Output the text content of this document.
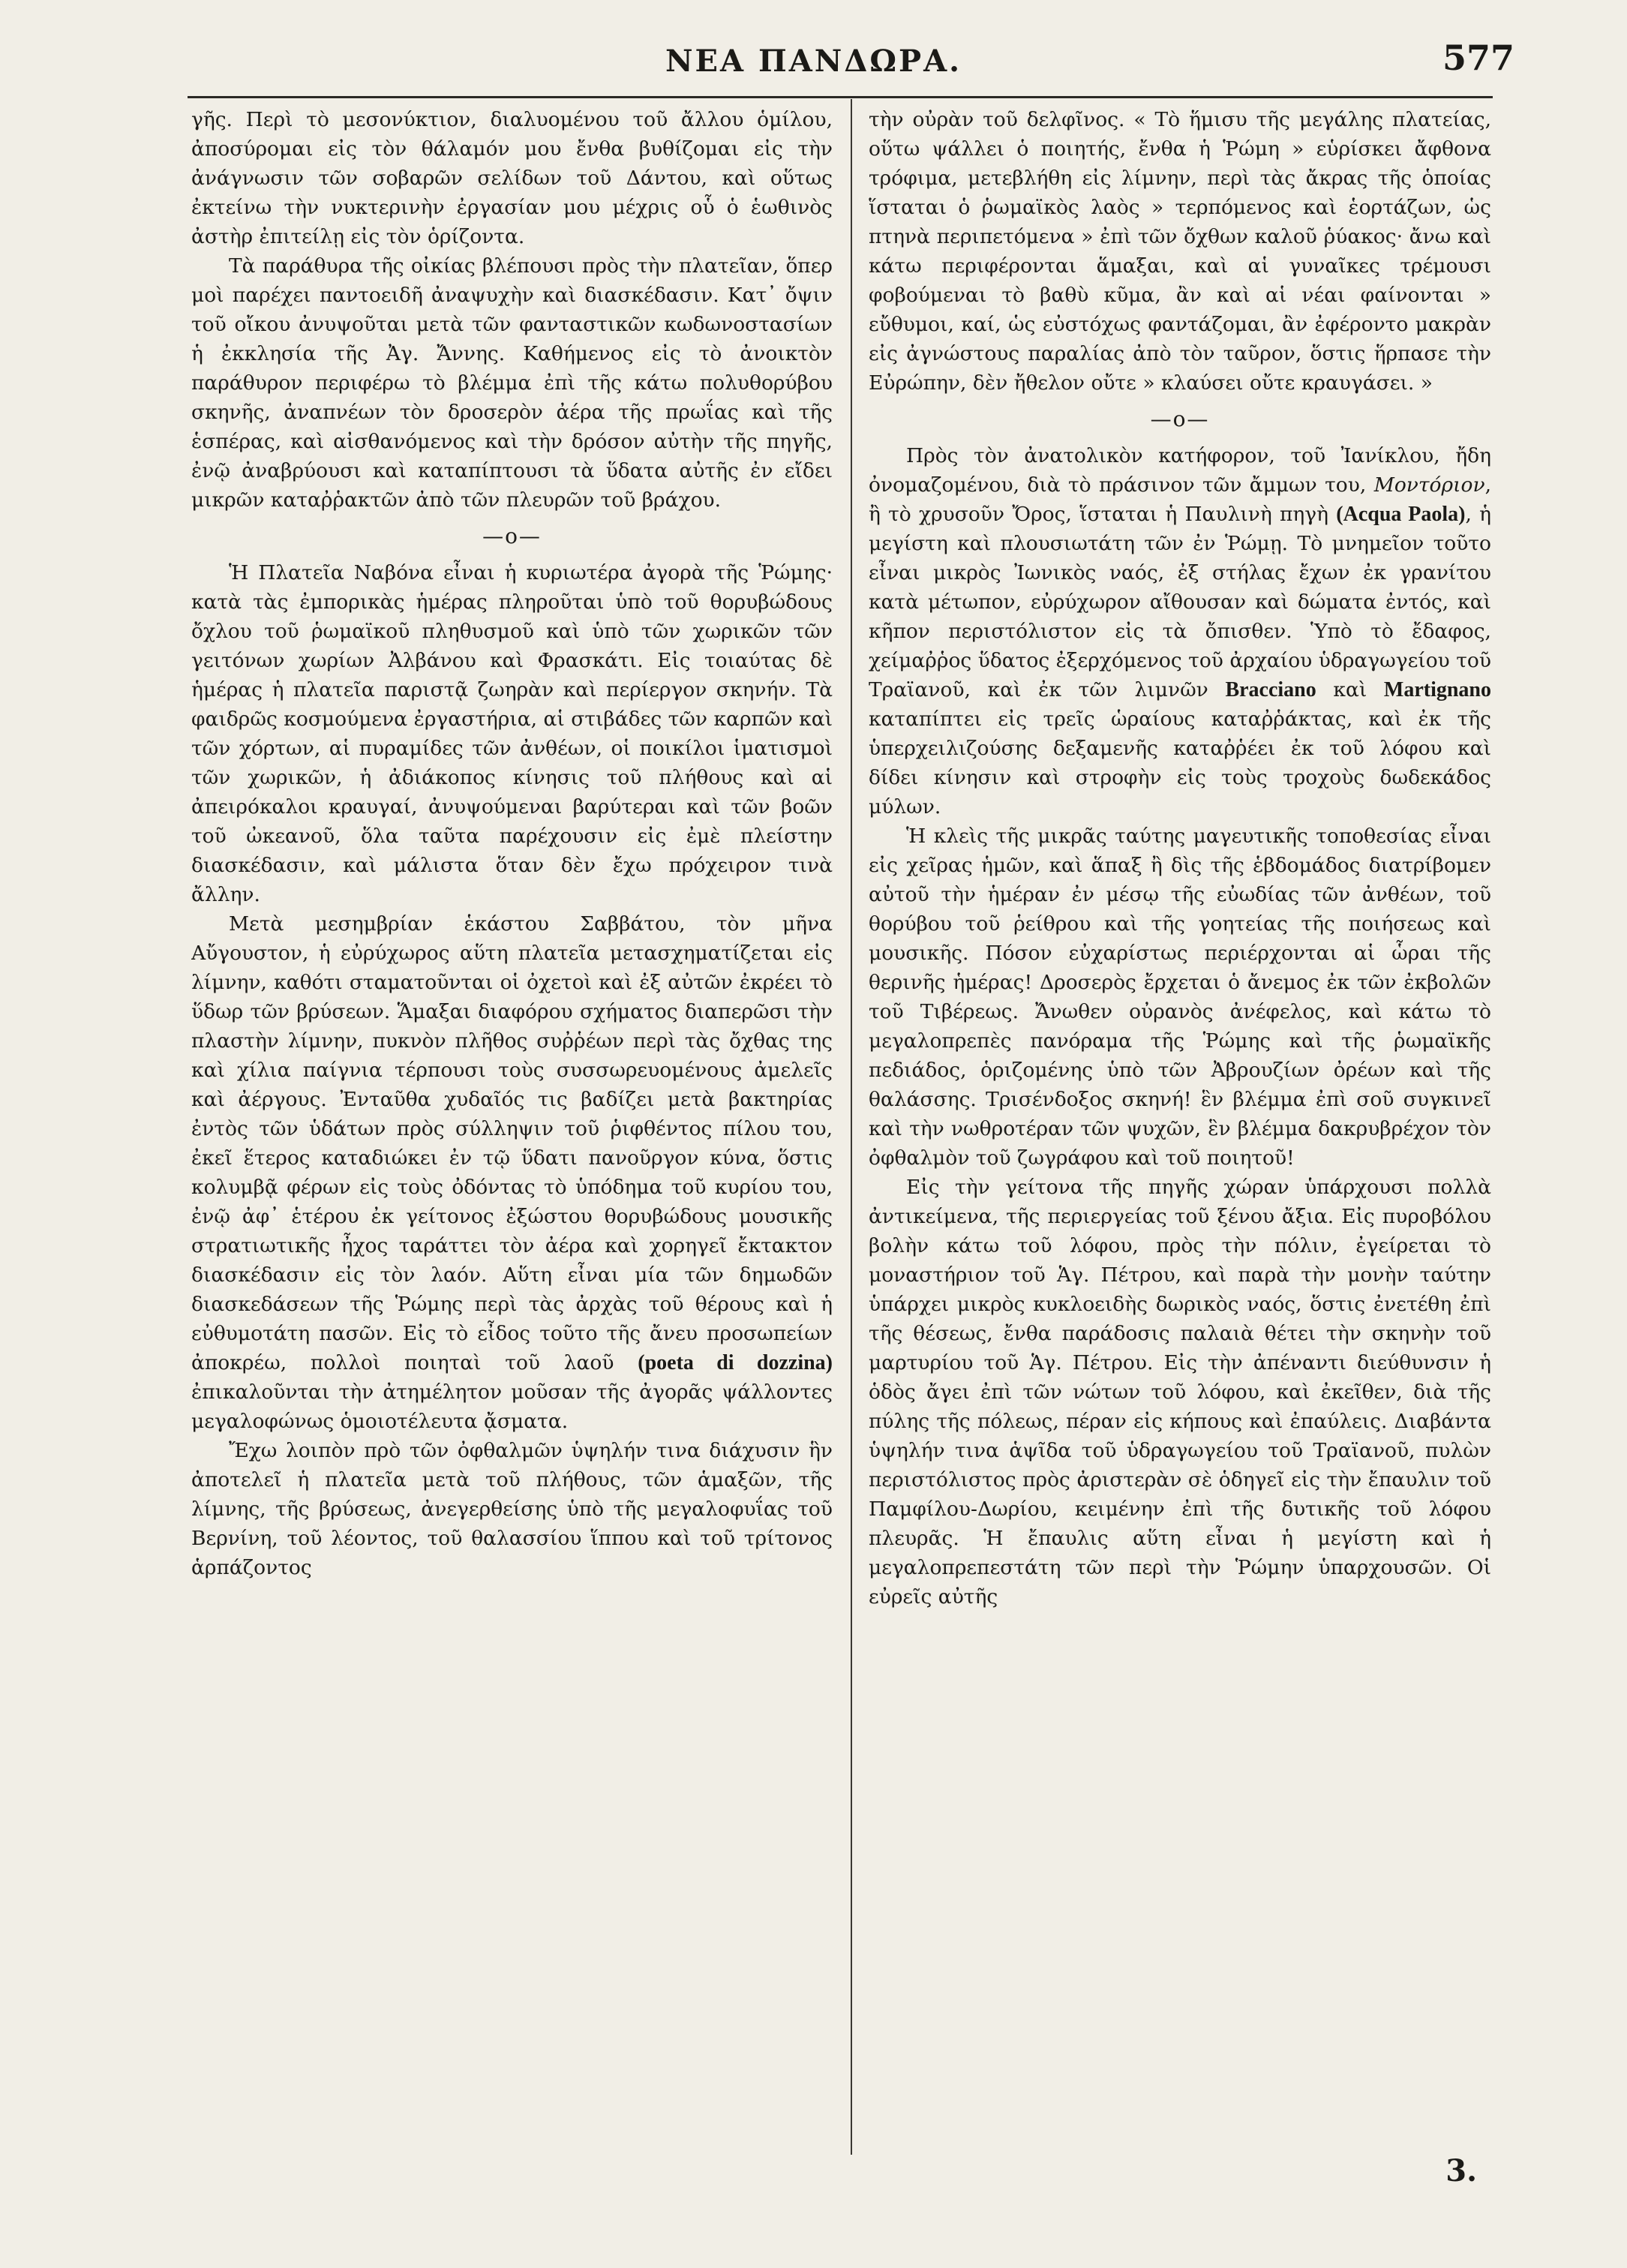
ΝΕΑ ΠΑΝΔΩΡΑ.	577

γῆς. Περὶ τὸ μεσονύκτιον, διαλυομένου τοῦ ἄλλου ὁμίλου, ἀποσύρομαι εἰς τὸν θάλαμόν μου ἔνθα βυθίζομαι εἰς τὴν ἀνάγνωσιν τῶν σοβαρῶν σελίδων τοῦ Δάντου, καὶ οὕτως ἐκτείνω τὴν νυκτερινὴν ἐργασίαν μου μέχρις οὗ ὁ ἑωθινὸς ἀστὴρ ἐπιτείλῃ εἰς τὸν ὁρίζοντα.

Τὰ παράθυρα τῆς οἰκίας βλέπουσι πρὸς τὴν πλατεῖαν, ὅπερ μοὶ παρέχει παντοειδῆ ἀναψυχὴν καὶ διασκέδασιν. Κατ᾽ ὄψιν τοῦ οἴκου ἀνυψοῦται μετὰ τῶν φανταστικῶν κωδωνοστασίων ἡ ἐκκλησία τῆς Ἀγ. Ἄννης. Καθήμενος εἰς τὸ ἀνοικτὸν παράθυρον περιφέρω τὸ βλέμμα ἐπὶ τῆς κάτω πολυθορύβου σκηνῆς, ἀναπνέων τὸν δροσερὸν ἀέρα τῆς πρωΐας καὶ τῆς ἑσπέρας, καὶ αἰσθανόμενος καὶ τὴν δρόσον αὐτὴν τῆς πηγῆς, ἐνῷ ἀναβρύουσι καὶ καταπίπτουσι τὰ ὕδατα αὐτῆς ἐν εἴδει μικρῶν καταῤῥακτῶν ἀπὸ τῶν πλευρῶν τοῦ βράχου.

—ο—

Ἡ Πλατεῖα Ναβόνα εἶναι ἡ κυριωτέρα ἀγορὰ τῆς Ῥώμης· κατὰ τὰς ἐμπορικὰς ἡμέρας πληροῦται ὑπὸ τοῦ θορυβώδους ὄχλου τοῦ ῥωμαϊκοῦ πληθυσμοῦ καὶ ὑπὸ τῶν χωρικῶν τῶν γειτόνων χωρίων Ἀλβάνου καὶ Φρασκάτι. Εἰς τοιαύτας δὲ ἡμέρας ἡ πλατεῖα παριστᾷ ζωηρὰν καὶ περίεργον σκηνήν. Τὰ φαιδρῶς κοσμούμενα ἐργαστήρια, αἱ στιβάδες τῶν καρπῶν καὶ τῶν χόρτων, αἱ πυραμίδες τῶν ἀνθέων, οἱ ποικίλοι ἱματισμοὶ τῶν χωρικῶν, ἡ ἀδιάκοπος κίνησις τοῦ πλήθους καὶ αἱ ἀπειρόκαλοι κραυγαί, ἀνυψούμεναι βαρύτεραι καὶ τῶν βοῶν τοῦ ὠκεανοῦ, ὅλα ταῦτα παρέχουσιν εἰς ἐμὲ πλείστην διασκέδασιν, καὶ μάλιστα ὅταν δὲν ἔχω πρόχειρον τινὰ ἄλλην.

Μετὰ μεσημβρίαν ἑκάστου Σαββάτου, τὸν μῆνα Αὔγουστον, ἡ εὐρύχωρος αὕτη πλατεῖα μετασχηματίζεται εἰς λίμνην, καθότι σταματοῦνται οἱ ὀχετοὶ καὶ ἐξ αὐτῶν ἐκρέει τὸ ὕδωρ τῶν βρύσεων. Ἅμαξαι διαφόρου σχήματος διαπερῶσι τὴν πλαστὴν λίμνην, πυκνὸν πλῆθος συῤῥέων περὶ τὰς ὄχθας της καὶ χίλια παίγνια τέρπουσι τοὺς συσσωρευομένους ἀμελεῖς καὶ ἀέργους. Ἐνταῦθα χυδαῖός τις βαδίζει μετὰ βακτηρίας ἐντὸς τῶν ὑδάτων πρὸς σύλληψιν τοῦ ῥιφθέντος πίλου του, ἐκεῖ ἕτερος καταδιώκει ἐν τῷ ὕδατι πανοῦργον κύνα, ὅστις κολυμβᾷ φέρων εἰς τοὺς ὀδόντας τὸ ὑπόδημα τοῦ κυρίου του, ἐνῷ ἀφ᾽ ἑτέρου ἐκ γείτονος ἐξώστου θορυβώδους μουσικῆς στρατιωτικῆς ἦχος ταράττει τὸν ἀέρα καὶ χορηγεῖ ἔκτακτον διασκέδασιν εἰς τὸν λαόν. Αὕτη εἶναι μία τῶν δημωδῶν διασκεδάσεων τῆς Ῥώμης περὶ τὰς ἀρχὰς τοῦ θέρους καὶ ἡ εὐθυμοτάτη πασῶν. Εἰς τὸ εἶδος τοῦτο τῆς ἄνευ προσωπείων ἀποκρέω, πολλοὶ ποιηταὶ τοῦ λαοῦ (poeta di dozzina) ἐπικαλοῦνται τὴν ἀτημέλητον μοῦσαν τῆς ἀγορᾶς ψάλλοντες μεγαλοφώνως ὁμοιοτέλευτα ᾄσματα.

Ἔχω λοιπὸν πρὸ τῶν ὀφθαλμῶν ὑψηλήν τινα διάχυσιν ἣν ἀποτελεῖ ἡ πλατεῖα μετὰ τοῦ πλήθους, τῶν ἁμαξῶν, τῆς λίμνης, τῆς βρύσεως, ἀνεγερθείσης ὑπὸ τῆς μεγαλοφυΐας τοῦ Βερνίνη, τοῦ λέοντος, τοῦ θαλασσίου ἵππου καὶ τοῦ τρίτονος ἁρπάζοντος

τὴν οὐρὰν τοῦ δελφῖνος. « Τὸ ἥμισυ τῆς μεγάλης πλατείας, οὕτω ψάλλει ὁ ποιητής, ἔνθα ἡ Ῥώμη » εὑρίσκει ἄφθονα τρόφιμα, μετεβλήθη εἰς λίμνην, περὶ τὰς ἄκρας τῆς ὁποίας ἵσταται ὁ ῥωμαϊκὸς λαὸς » τερπόμενος καὶ ἑορτάζων, ὡς πτηνὰ περιπετόμενα » ἐπὶ τῶν ὄχθων καλοῦ ῥύακος· ἄνω καὶ κάτω περιφέρονται ἅμαξαι, καὶ αἱ γυναῖκες τρέμουσι φοβούμεναι τὸ βαθὺ κῦμα, ἂν καὶ αἱ νέαι φαίνονται » εὔθυμοι, καί, ὡς εὐστόχως φαντάζομαι, ἂν ἐφέροντο μακρὰν εἰς ἀγνώστους παραλίας ἀπὸ τὸν ταῦρον, ὅστις ἥρπασε τὴν Εὐρώπην, δὲν ἤθελον οὔτε » κλαύσει οὔτε κραυγάσει. »

—ο—

Πρὸς τὸν ἀνατολικὸν κατήφορον, τοῦ Ἰανίκλου, ἤδη ὀνομαζομένου, διὰ τὸ πράσινον τῶν ἄμμων του, Μοντόριον, ἢ τὸ χρυσοῦν Ὄρος, ἵσταται ἡ Παυλινὴ πηγὴ (Acqua Paola), ἡ μεγίστη καὶ πλουσιωτάτη τῶν ἐν Ῥώμῃ. Τὸ μνημεῖον τοῦτο εἶναι μικρὸς Ἰωνικὸς ναός, ἐξ στήλας ἔχων ἐκ γρανίτου κατὰ μέτωπον, εὐρύχωρον αἴθουσαν καὶ δώματα ἐντός, καὶ κῆπον περιστόλιστον εἰς τὰ ὄπισθεν. Ὑπὸ τὸ ἔδαφος, χείμαῤῥος ὕδατος ἐξερχόμενος τοῦ ἀρχαίου ὑδραγωγείου τοῦ Τραϊανοῦ, καὶ ἐκ τῶν λιμνῶν Bracciano καὶ Martignano καταπίπτει εἰς τρεῖς ὡραίους καταῤῥάκτας, καὶ ἐκ τῆς ὑπερχειλιζούσης δεξαμενῆς καταῤῥέει ἐκ τοῦ λόφου καὶ δίδει κίνησιν καὶ στροφὴν εἰς τοὺς τροχοὺς δωδεκάδος μύλων.

Ἡ κλεὶς τῆς μικρᾶς ταύτης μαγευτικῆς τοποθεσίας εἶναι εἰς χεῖρας ἡμῶν, καὶ ἅπαξ ἢ δὶς τῆς ἑβδομάδος διατρίβομεν αὐτοῦ τὴν ἡμέραν ἐν μέσῳ τῆς εὐωδίας τῶν ἀνθέων, τοῦ θορύβου τοῦ ῥείθρου καὶ τῆς γοητείας τῆς ποιήσεως καὶ μουσικῆς. Πόσον εὐχαρίστως περιέρχονται αἱ ὧραι τῆς θερινῆς ἡμέρας! Δροσερὸς ἔρχεται ὁ ἄνεμος ἐκ τῶν ἐκβολῶν τοῦ Τιβέρεως. Ἄνωθεν οὐρανὸς ἀνέφελος, καὶ κάτω τὸ μεγαλοπρεπὲς πανόραμα τῆς Ῥώμης καὶ τῆς ῥωμαϊκῆς πεδιάδος, ὁριζομένης ὑπὸ τῶν Ἀβρουζίων ὀρέων καὶ τῆς θαλάσσης. Τρισένδοξος σκηνή! ἓν βλέμμα ἐπὶ σοῦ συγκινεῖ καὶ τὴν νωθροτέραν τῶν ψυχῶν, ἓν βλέμμα δακρυβρέχον τὸν ὀφθαλμὸν τοῦ ζωγράφου καὶ τοῦ ποιητοῦ!

Εἰς τὴν γείτονα τῆς πηγῆς χώραν ὑπάρχουσι πολλὰ ἀντικείμενα, τῆς περιεργείας τοῦ ξένου ἄξια. Εἰς πυροβόλου βολὴν κάτω τοῦ λόφου, πρὸς τὴν πόλιν, ἐγείρεται τὸ μοναστήριον τοῦ Ἁγ. Πέτρου, καὶ παρὰ τὴν μονὴν ταύτην ὑπάρχει μικρὸς κυκλοειδὴς δωρικὸς ναός, ὅστις ἐνετέθη ἐπὶ τῆς θέσεως, ἔνθα παράδοσις παλαιὰ θέτει τὴν σκηνὴν τοῦ μαρτυρίου τοῦ Ἁγ. Πέτρου. Εἰς τὴν ἀπέναντι διεύθυνσιν ἡ ὁδὸς ἄγει ἐπὶ τῶν νώτων τοῦ λόφου, καὶ ἐκεῖθεν, διὰ τῆς πύλης τῆς πόλεως, πέραν εἰς κήπους καὶ ἐπαύλεις. Διαβάντα ὑψηλήν τινα ἁψῖδα τοῦ ὑδραγωγείου τοῦ Τραϊανοῦ, πυλὼν περιστόλιστος πρὸς ἀριστερὰν σὲ ὁδηγεῖ εἰς τὴν ἔπαυλιν τοῦ Παμφίλου-Δωρίου, κειμένην ἐπὶ τῆς δυτικῆς τοῦ λόφου πλευρᾶς. Ἡ ἔπαυλις αὕτη εἶναι ἡ μεγίστη καὶ ἡ μεγαλοπρεπεστάτη τῶν περὶ τὴν Ῥώμην ὑπαρχουσῶν. Οἱ εὐρεῖς αὐτῆς

3.
